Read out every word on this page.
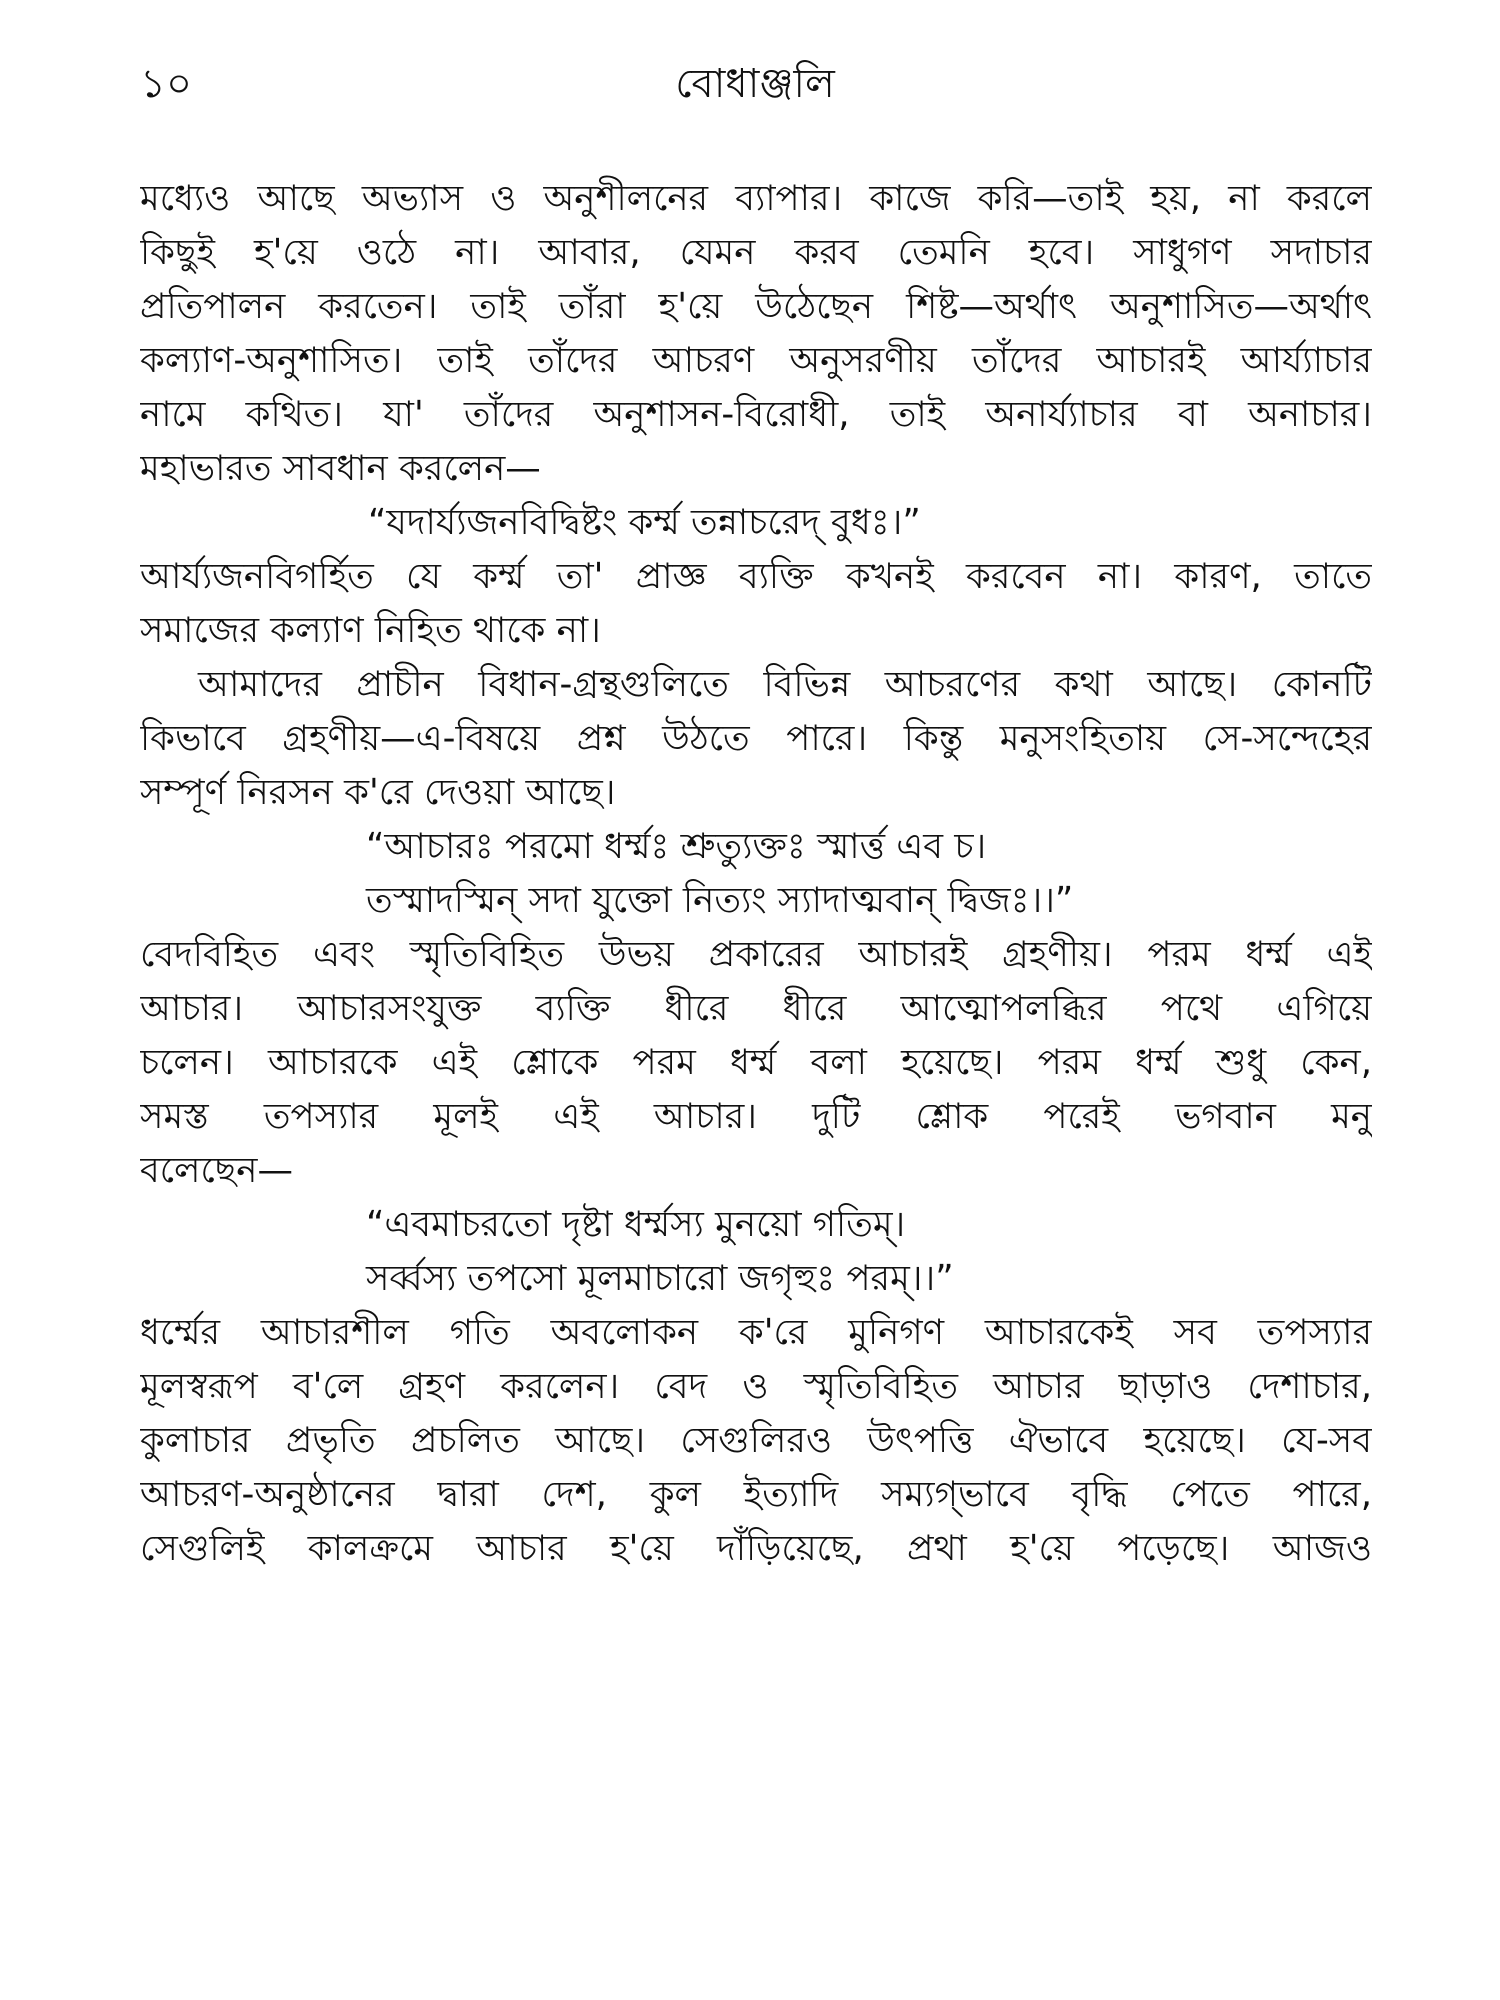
১০	বোধাঞ্জলি
মধ্যেও আছে অভ্যাস ও অনুশীলনের ব্যাপার। কাজে করি—তাই হয়, না করলে
কিছুই হ'য়ে ওঠে না। আবার, যেমন করব তেমনি হবে। সাধুগণ সদাচার
প্রতিপালন করতেন। তাই তাঁরা হ'য়ে উঠেছেন শিষ্ট—অর্থাৎ অনুশাসিত—অর্থাৎ
কল্যাণ-অনুশাসিত। তাই তাঁদের আচরণ অনুসরণীয় তাঁদের আচারই আর্য্যাচার
নামে কথিত। যা' তাঁদের অনুশাসন-বিরোধী, তাই অনার্য্যাচার বা অনাচার।
মহাভারত সাবধান করলেন—
“যদার্য্যজনবিদ্বিষ্টং কর্ম্ম তন্নাচরেদ্ বুধঃ।”
আর্য্যজনবিগর্হিত যে কর্ম্ম তা' প্রাজ্ঞ ব্যক্তি কখনই করবেন না। কারণ, তাতে
সমাজের কল্যাণ নিহিত থাকে না।
আমাদের প্রাচীন বিধান-গ্রন্থগুলিতে বিভিন্ন আচরণের কথা আছে। কোনটি
কিভাবে গ্রহণীয়—এ-বিষয়ে প্রশ্ন উঠতে পারে। কিন্তু মনুসংহিতায় সে-সন্দেহের
সম্পূর্ণ নিরসন ক'রে দেওয়া আছে।
“আচারঃ পরমো ধর্ম্মঃ শ্রুত্যুক্তঃ স্মার্ত্ত এব চ।
তস্মাদস্মিন্ সদা যুক্তো নিত্যং স্যাদাত্মবান্ দ্বিজঃ।।”
বেদবিহিত এবং স্মৃতিবিহিত উভয় প্রকারের আচারই গ্রহণীয়। পরম ধর্ম্ম এই
আচার। আচারসংযুক্ত ব্যক্তি ধীরে ধীরে আত্মোপলব্ধির পথে এগিয়ে
চলেন। আচারকে এই শ্লোকে পরম ধর্ম্ম বলা হয়েছে। পরম ধর্ম্ম শুধু কেন,
সমস্ত তপস্যার মূলই এই আচার। দুটি শ্লোক পরেই ভগবান মনু
বলেছেন—
“এবমাচরতো দৃষ্টা ধর্ম্মস্য মুনয়ো গতিম্।
সর্ব্বস্য তপসো মূলমাচারো জগৃহুঃ পরম্।।”
ধর্ম্মের আচারশীল গতি অবলোকন ক'রে মুনিগণ আচারকেই সব তপস্যার
মূলস্বরূপ ব'লে গ্রহণ করলেন। বেদ ও স্মৃতিবিহিত আচার ছাড়াও দেশাচার,
কুলাচার প্রভৃতি প্রচলিত আছে। সেগুলিরও উৎপত্তি ঐভাবে হয়েছে। যে-সব
আচরণ-অনুষ্ঠানের দ্বারা দেশ, কুল ইত্যাদি সম্যগ্ভাবে বৃদ্ধি পেতে পারে,
সেগুলিই কালক্রমে আচার হ'য়ে দাঁড়িয়েছে, প্রথা হ'য়ে পড়েছে। আজও
